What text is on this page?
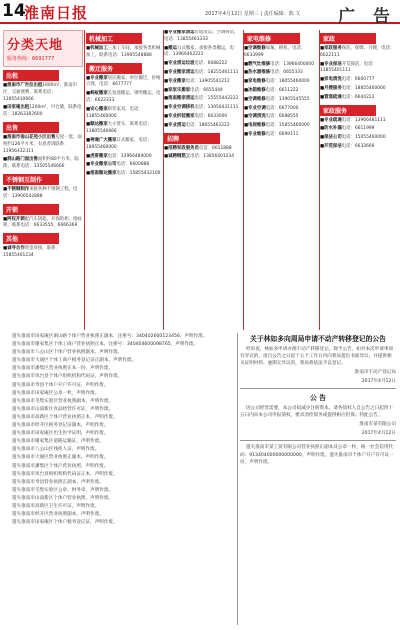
14
淮南日报	2017年4月12日 星期三 | 责任编辑：陈 文 广 告
分类天地
服务热线：6691777
出租
■淮南市广告位出租1600m²，淮南市区，交通便利，联系电话：13955410666
■田家庵出租1200m²，可仓储，联系电话：18263387600
出售
■淮南市南山花苑小区出售房屋一套，面积约126平方米，有意者请联系：13956432311
■洞山路门面出售面积约80平方米，临街，联系电话：13505546666
不锈钢互制作
■不锈钢制作承接各种不锈钢工程，电话：13906542888
开锁
■阿权开锁配汽车钥匙，开保险柜、指纹锁，联系电话：6633555、6666369
其他
■诚寻合作资金对接，联系：15855401234
机械加工
■机械加工三加工车间，承接各类机械加工，联系电话：13905548888
搬迁服务
■专业搬家居民搬家、单位搬迁，价格合理，电话：6677777
■蚂蚁搬家长短途搬运，钢琴搬运，电话：6622333
■安心搬家拆装家具，电话：13855460000
■顺达搬家大小货车，联系电话：13805546666
■神通广大搬家日式搬家，电话：18955460000
■虎哥搬家电话：13966480000
■专业搬家公司电话：6600888
■淮南顺达搬家电话：15855432100
■专业搬家清运垃圾清运、空调拆装，电话：13855463333
■搬运日式搬家，承接各类搬运，电话：13966462222
■专业清运垃圾电话：6688222
■专业搬家清运电话：18255461111
■专业搬家电话：13905541212
■家家乐搬家电话：6655444
■淮南搬家清运电话：15555442222
■专业空调移机电话：13956431111
■专业拆装搬家电话：6633000
■专业清运电话：18655462222
招聘
■招聘家政服务员电话：6611888
■诚聘钢筋工电话：13856401234
家电维修
■空调维修加氟、移机，电话：6633999
■燃气灶维修电话：13966400000
■热水器维修电话：6655333
■家电维修电话：18055460000
■冰箱维修电话：6611222
■空调维修电话：13905545555
■专业空调电话：6677000
■空调清洗电话：6688555
■电视维修电话：15855460000
■专业维修电话：6699111
家政
■家政服务保洁、保姆、月嫂，电话：6622111
■专业保洁开荒保洁，电话：13855401111
■家电清洗电话：6600777
■月嫂服务电话：18855460000
■管道疏通电话：6644222
家政服务
■专业疏通电话：13966481111
■防水补漏电话：6611999
■保洁公司电话：15055460000
■开荒保洁电话：6633666

遗失淮南市田家庵区洞山路个体户营业执照正副本，注册号：340402600123456，声明作废。

遗失淮南市谢家集区个体工商户营业执照正本，注册号：340404600098765，声明作废。

遗失淮南市八公山区个体户营业执照副本，声明作废。

遗失淮南市大通区个体工商户税务登记证正副本，声明作废。

遗失淮南市潘集区营业执照正本一份，声明作废。

遗失淮南市凤台县个体户组织机构代码证，声明作废。

遗失淮南市寿县个体户开户许可证，声明作废。

遗失淮南市田家庵区公章一枚，声明作废。

遗失淮南市毛集实验区营业执照副本，声明作废。

遗失淮南市山南新区食品经营许可证，声明作废。

遗失淮南市高新区个体户营业执照正本，声明作废。

遗失淮南市经开区税务登记证副本，声明作废。

遗失淮南市田家庵区出生医学证明，声明作废。

遗失淮南市谢家集区道路运输证，声明作废。

遗失淮南市八公山区残疾人证，声明作废。

遗失淮南市大通区营业执照正副本，声明作废。

遗失淮南市潘集区个体户营业执照，声明作废。

遗失淮南市凤台县组织机构代码证正本，声明作废。

遗失淮南市寿县营业执照正副本，声明作废。

遗失淮南市毛集实验区公章、财务章，声明作废。

遗失淮南市山南新区个体户营业执照，声明作废。

遗失淮南市高新区卫生许可证，声明作废。

遗失淮南市经开区营业执照副本，声明作废。

遗失淮南市田家庵区个体户税务登记证，声明作废。

关于林如多向周局申请不动产转移登记的公告
经审查，林如多申请办理不动产转移登记，现予公告。如对本次申请事项有异议的，请自公告之日起十五个工作日内向我局提出书面异议，并提供相关证明材料。逾期无异议的，我局将依法予以登记。
淮南市不动产登记局
2017年4月12日
公 告
因公司经营需要，本公司拟减少注册资本，请各债权人自公告之日起四十五日内向本公司申报债权，要求清偿债务或提供相应担保。特此公告。
淮南市某有限公司
2017年4月12日
遗失淮南市某工贸有限公司营业执照正副本及公章一枚，统一社会信用代码：913404000000000000，声明作废。遗失淮南市个体户开户许可证一份，声明作废。
